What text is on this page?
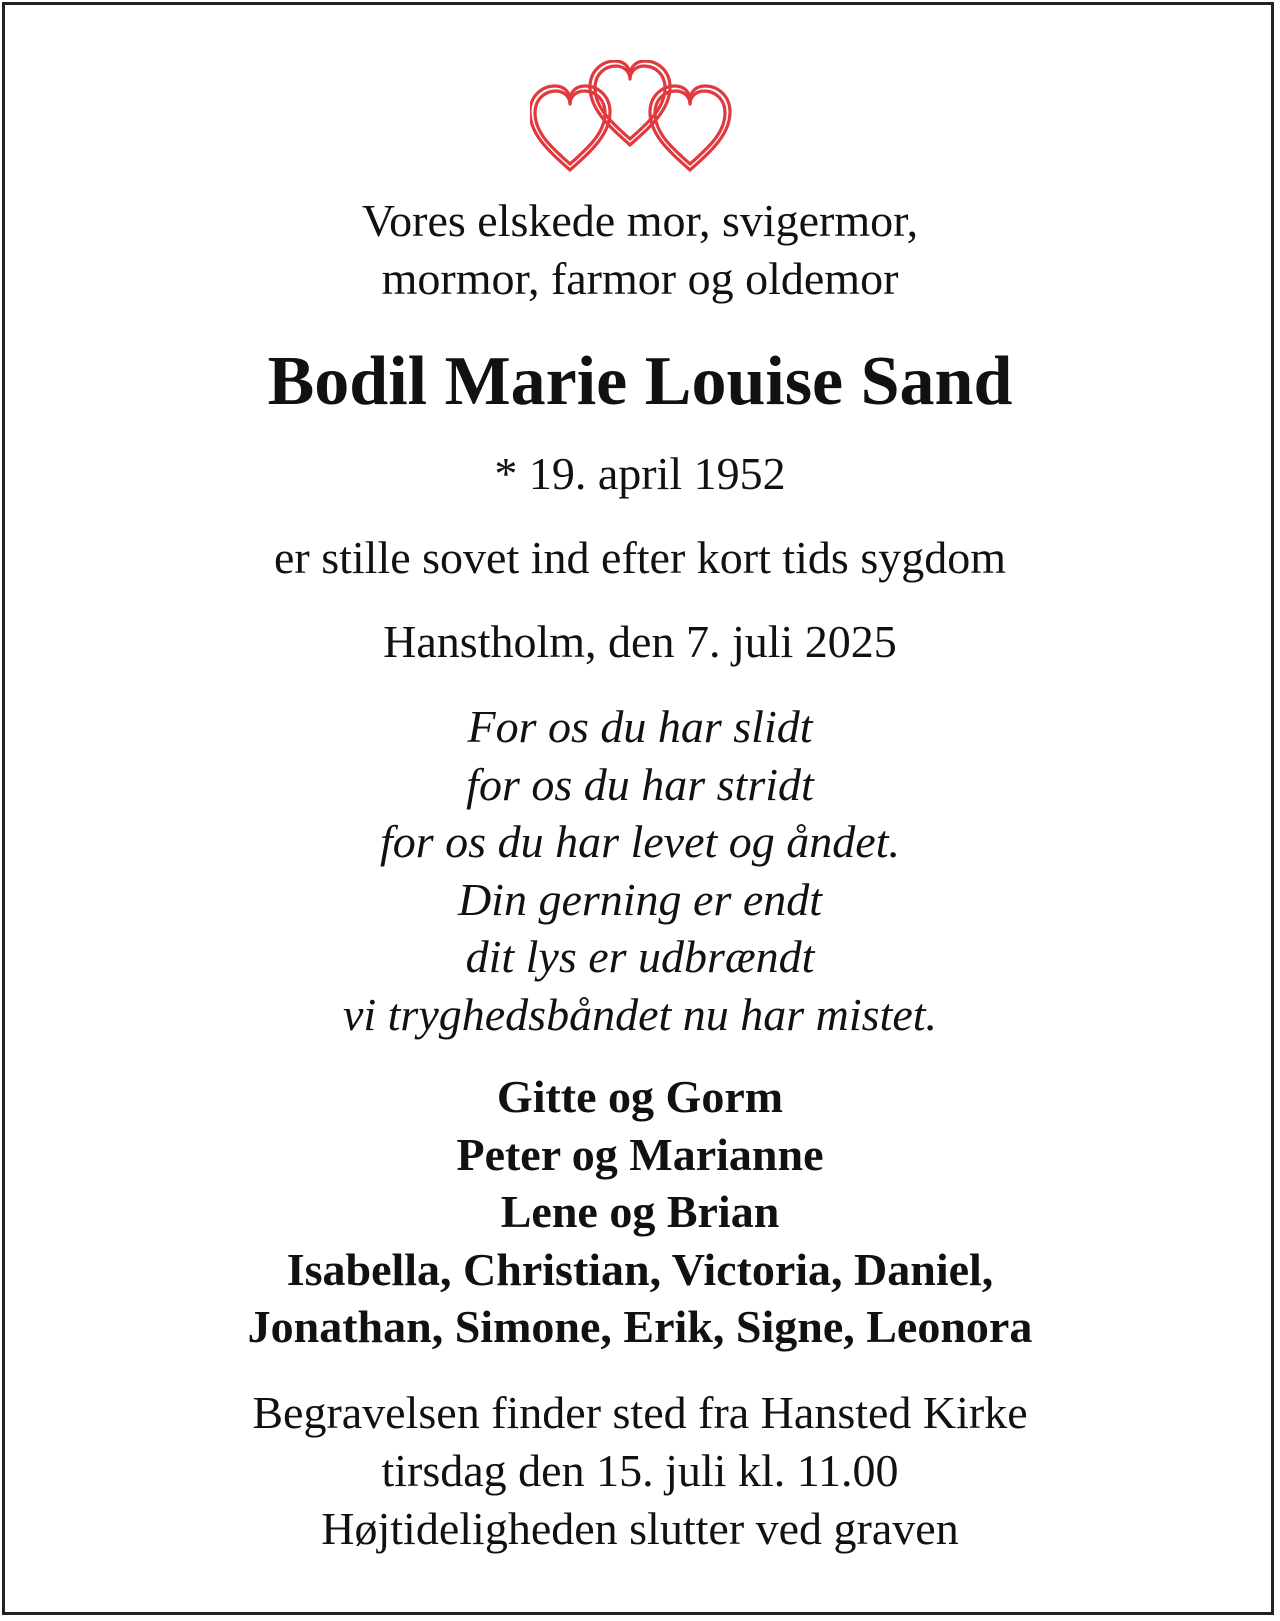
Vores elskede mor, svigermor,
mormor, farmor og oldemor
Bodil Marie Louise Sand
* 19. april 1952
er stille sovet ind efter kort tids sygdom
Hanstholm, den 7. juli 2025
For os du har slidt
for os du har stridt
for os du har levet og åndet.
Din gerning er endt
dit lys er udbrændt
vi tryghedsbåndet nu har mistet.
Gitte og Gorm
Peter og Marianne
Lene og Brian
Isabella, Christian, Victoria, Daniel,
Jonathan, Simone, Erik, Signe, Leonora
Begravelsen finder sted fra Hansted Kirke
tirsdag den 15. juli kl. 11.00
Højtideligheden slutter ved graven
